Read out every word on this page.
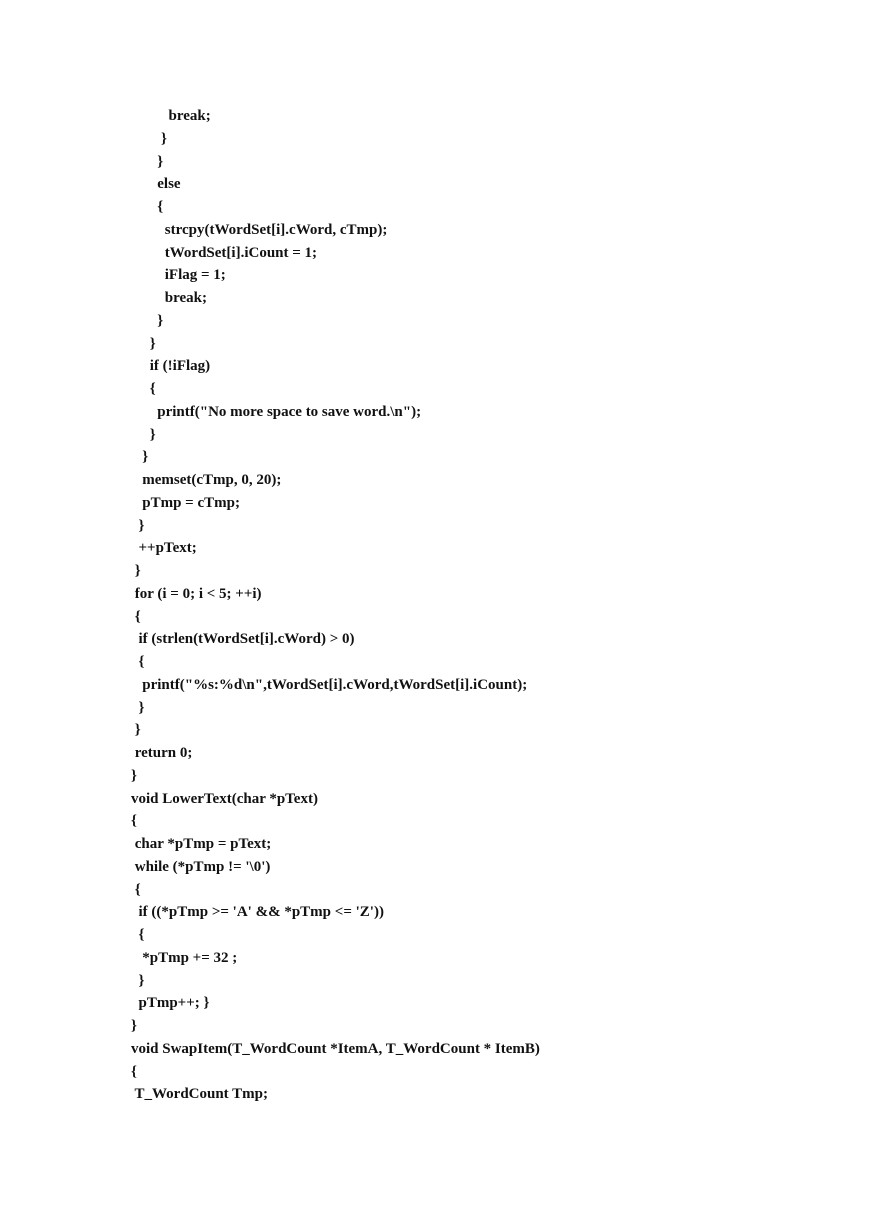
break;
}
}
else
{
strcpy(tWordSet[i].cWord, cTmp);
tWordSet[i].iCount = 1;
iFlag = 1;
break;
}
}
if (!iFlag)
{
printf("No more space to save word.\n");
}
}
memset(cTmp, 0, 20);
pTmp = cTmp;
}
++pText;
}
for (i = 0; i < 5; ++i)
{
if (strlen(tWordSet[i].cWord) > 0)
{
printf("%s:%d\n",tWordSet[i].cWord,tWordSet[i].iCount);
}
}
return 0;
}
void LowerText(char *pText)
{
char *pTmp = pText;
while (*pTmp != '\0')
{
if ((*pTmp >= 'A' && *pTmp <= 'Z'))
{
*pTmp += 32 ;
}
pTmp++; }
}
void SwapItem(T_WordCount *ItemA, T_WordCount * ItemB)
{
T_WordCount Tmp;
